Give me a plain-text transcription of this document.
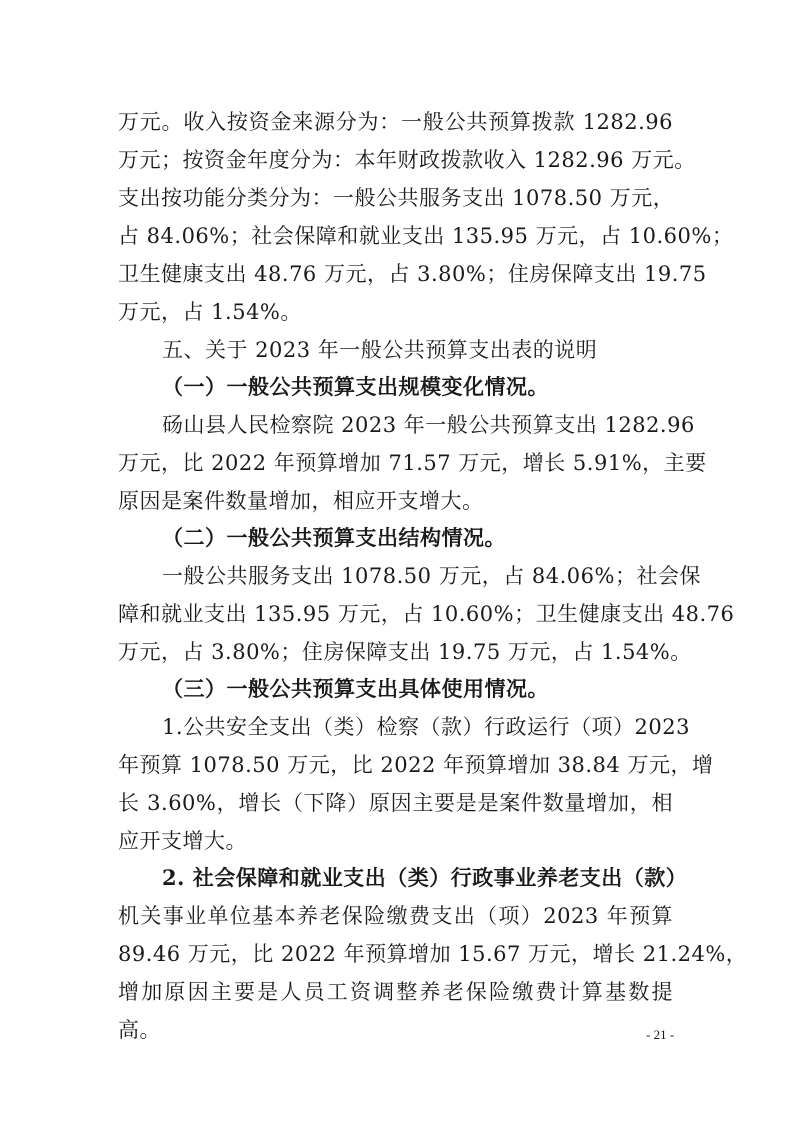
万元。收入按资金来源分为：一般公共预算拨款 1282.96
万元；按资金年度分为：本年财政拨款收入 1282.96 万元。
支出按功能分类分为：一般公共服务支出 1078.50 万元，
占 84.06%；社会保障和就业支出 135.95 万元，占 10.60%；
卫生健康支出 48.76 万元，占 3.80%；住房保障支出 19.75
万元，占 1.54%。
五、关于 2023 年一般公共预算支出表的说明
（一）一般公共预算支出规模变化情况。
砀山县人民检察院 2023 年一般公共预算支出 1282.96
万元，比 2022 年预算增加 71.57 万元，增长 5.91%，主要
原因是案件数量增加，相应开支增大。
（二）一般公共预算支出结构情况。
一般公共服务支出 1078.50 万元，占 84.06%；社会保
障和就业支出 135.95 万元，占 10.60%；卫生健康支出 48.76
万元，占 3.80%；住房保障支出 19.75 万元，占 1.54%。
（三）一般公共预算支出具体使用情况。
1.公共安全支出（类）检察（款）行政运行（项）2023
年预算 1078.50 万元，比 2022 年预算增加 38.84 万元，增
长 3.60%，增长（下降）原因主要是是案件数量增加，相
应开支增大。
2. 社会保障和就业支出（类）行政事业养老支出（款）
机关事业单位基本养老保险缴费支出（项）2023 年预算
89.46 万元，比 2022 年预算增加 15.67 万元，增长 21.24%，
增加原因主要是人员工资调整养老保险缴费计算基数提
高。	- 21 -
